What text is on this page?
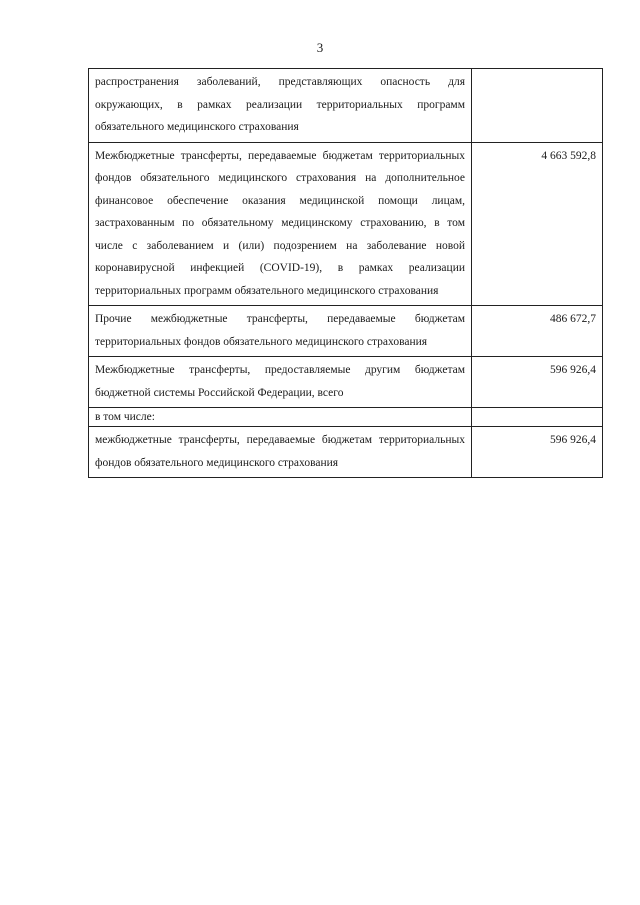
3
распространения заболеваний, представляющих опасность для окружающих, в рамках реализации территориальных программ обязательного медицинского страхования	
Межбюджетные трансферты, передаваемые бюджетам территориальных фондов обязательного медицинского страхования на дополнительное финансовое обеспечение оказания медицинской помощи лицам, застрахованным по обязательному медицинскому страхованию, в том числе с заболеванием и (или) подозрением на заболевание новой коронавирусной инфекцией (COVID-19), в рамках реализации территориальных программ обязательного медицинского страхования	4 663 592,8
Прочие межбюджетные трансферты, передаваемые бюджетам территориальных фондов обязательного медицинского страхования	486 672,7
Межбюджетные трансферты, предоставляемые другим бюджетам бюджетной системы Российской Федерации, всего	596 926,4
в том числе:	
межбюджетные трансферты, передаваемые бюджетам территориальных фондов обязательного медицинского страхования	596 926,4
